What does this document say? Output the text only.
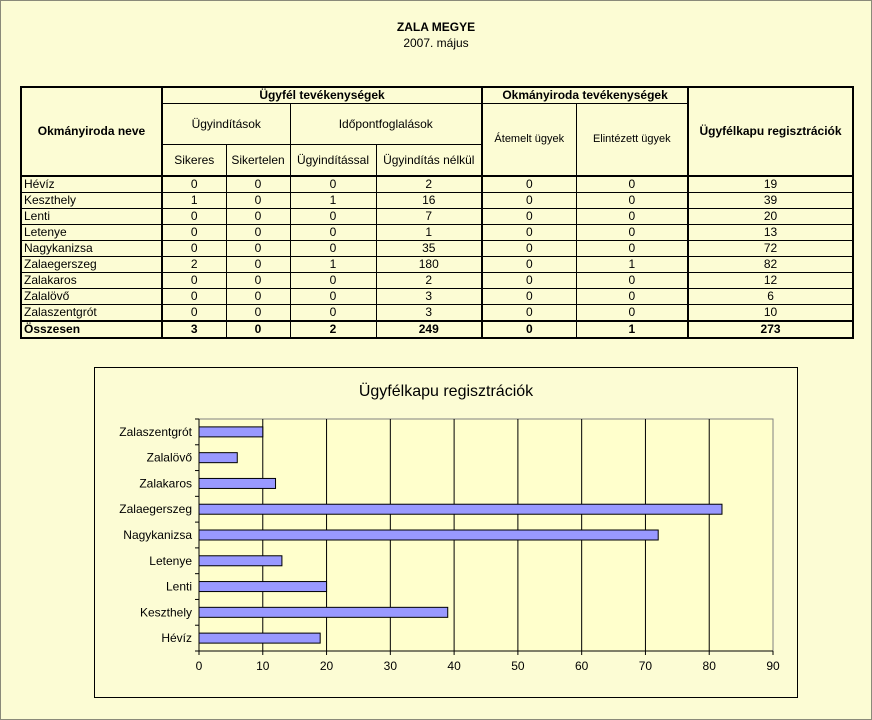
ZALA MEGYE
2007. május
Okmányiroda neve	Ügyfél tevékenységek				Okmányiroda tevékenységek		Ügyfélkapu regisztrációk
	Ügyindítások		Időpontfoglalások		Átemelt ügyek	Elintézett ügyek	
	Sikeres	Sikertelen	Ügyindítással	Ügyindítás nélkül			
Hévíz	0	0	0	2	0	0	19
Keszthely	1	0	1	16	0	0	39
Lenti	0	0	0	7	0	0	20
Letenye	0	0	0	1	0	0	13
Nagykanizsa	0	0	0	35	0	0	72
Zalaegerszeg	2	0	1	180	0	1	82
Zalakaros	0	0	0	2	0	0	12
Zalalövő	0	0	0	3	0	0	6
Zalaszentgrót	0	0	0	3	0	0	10
Összesen	3	0	2	249	0	1	273
Ügyfélkapu regisztrációk
0	10	20	30	40	50	60	70	80	90
Hévíz
Keszthely
Lenti
Letenye
Nagykanizsa
Zalaegerszeg
Zalakaros
Zalalövő
Zalaszentgrót
